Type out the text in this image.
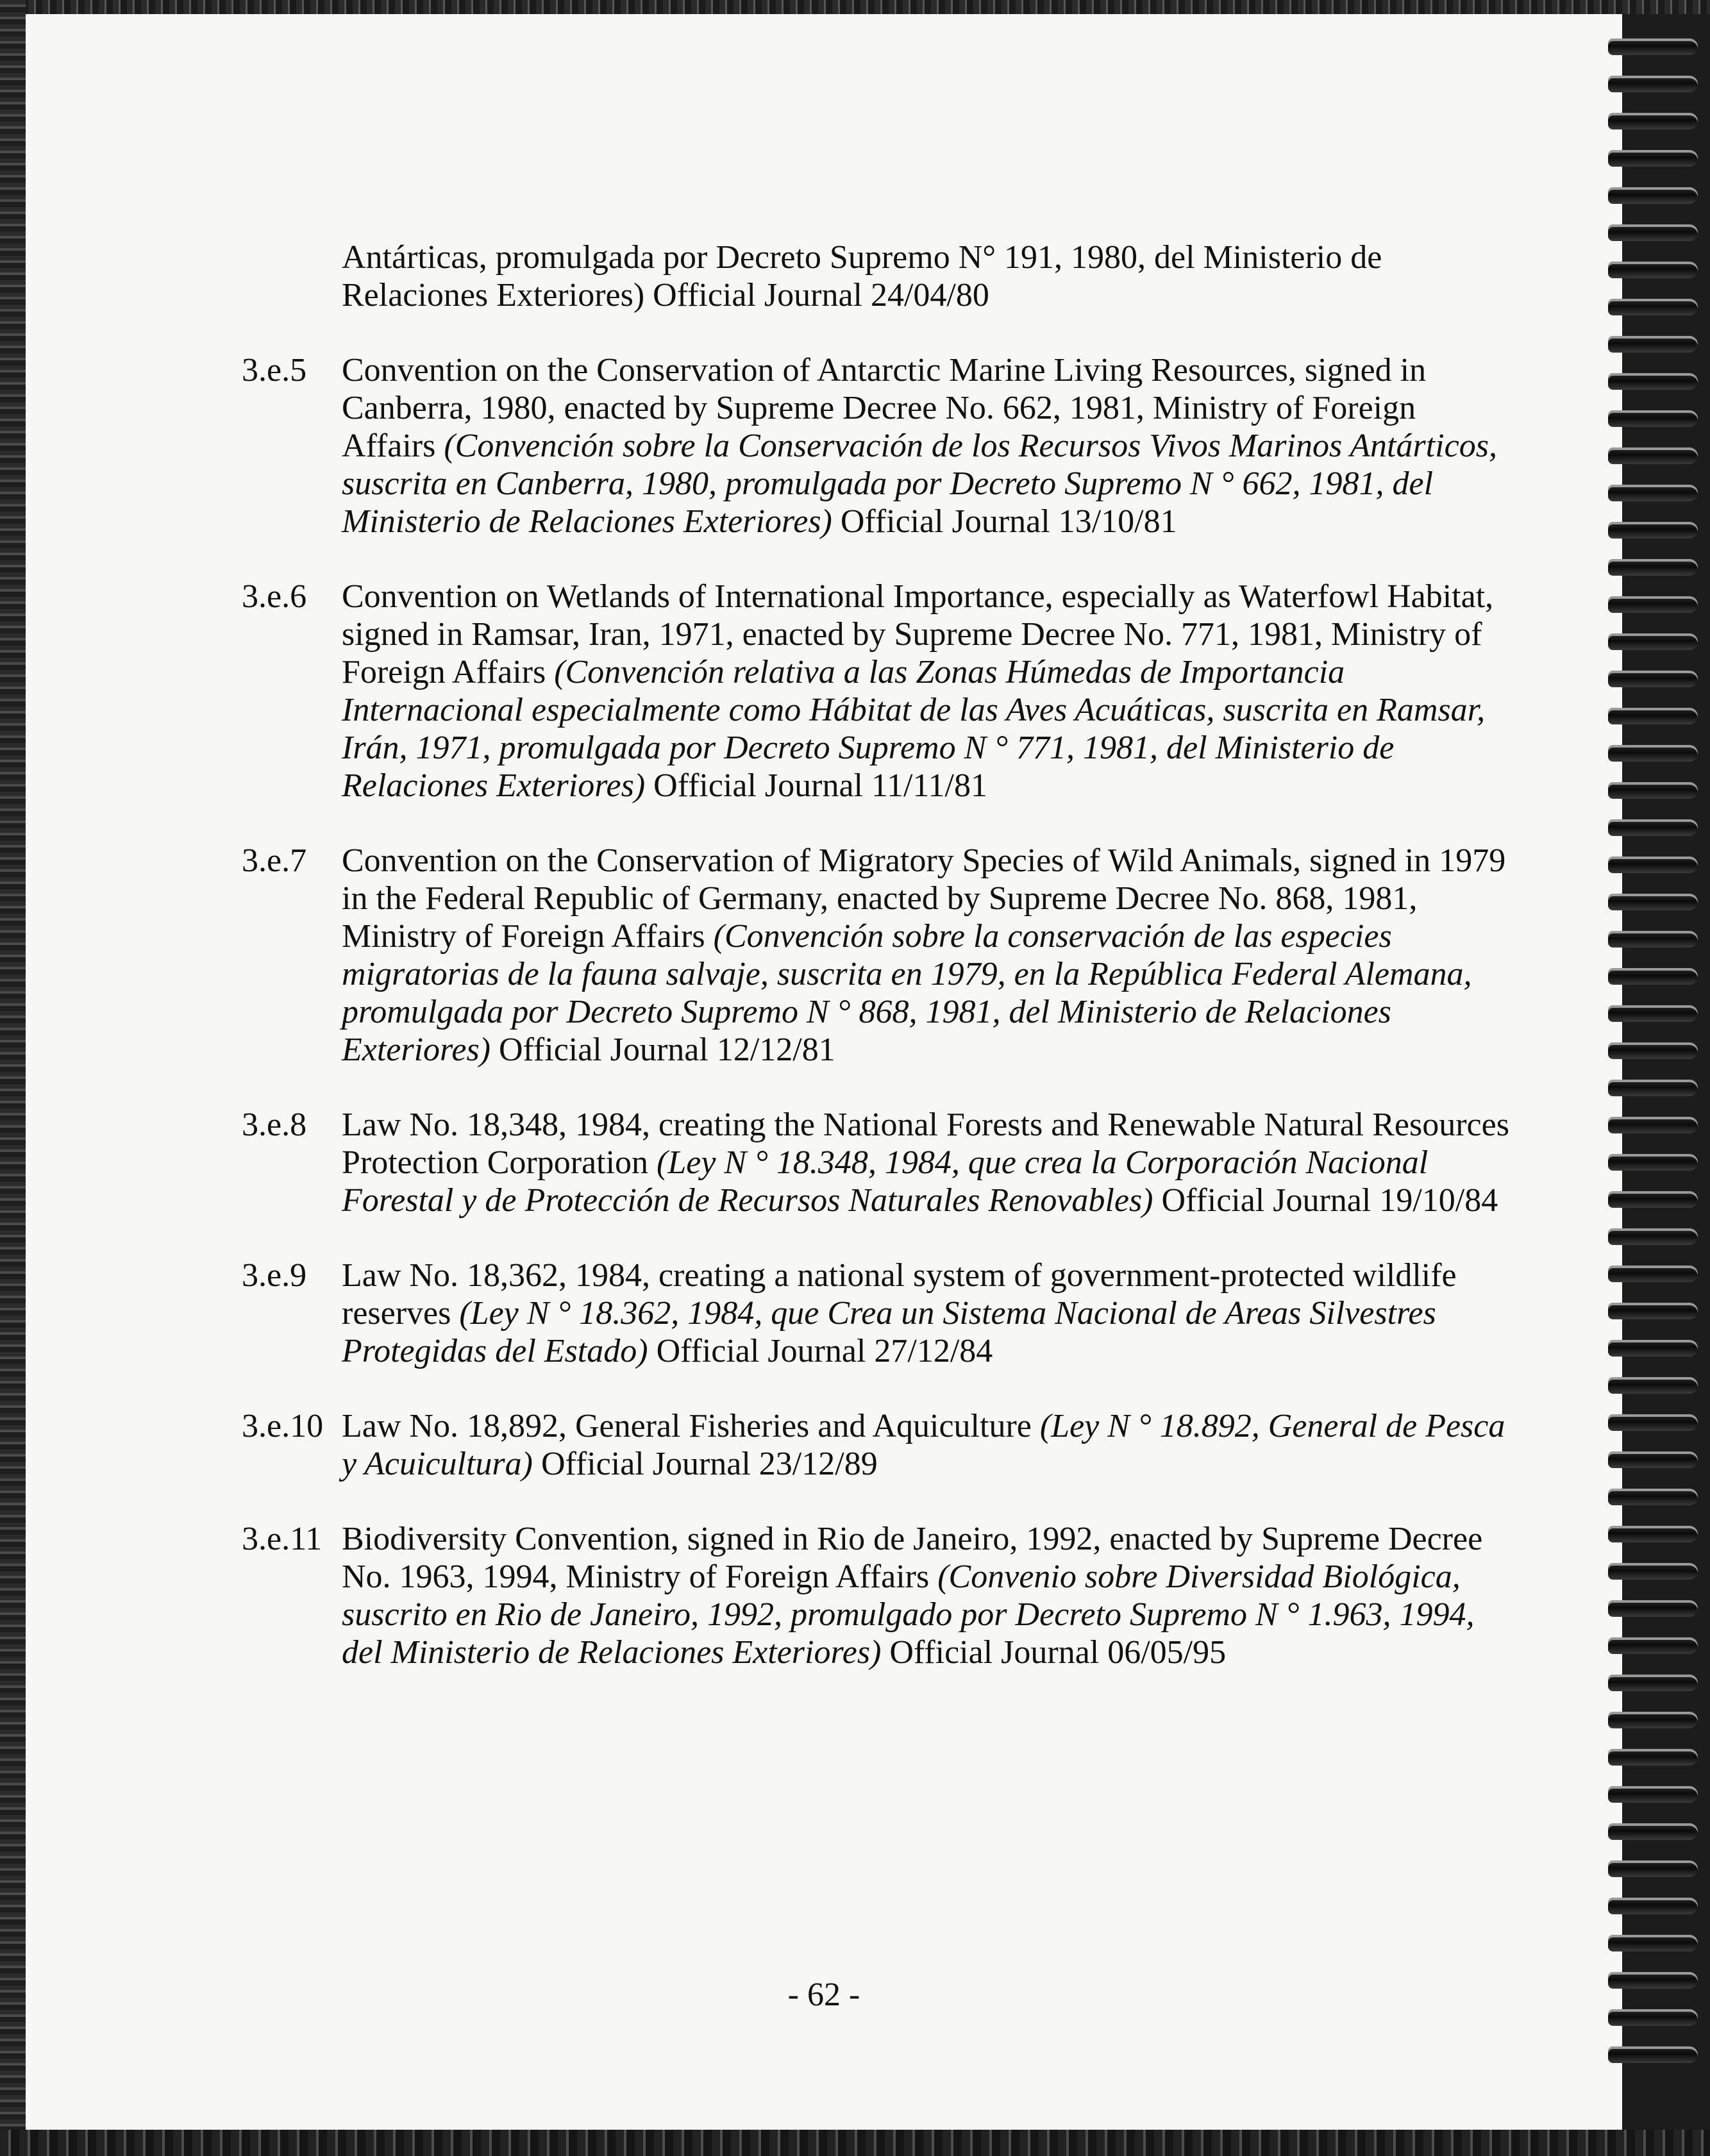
Antárticas, promulgada por Decreto Supremo N° 191, 1980, del Ministerio de
Relaciones Exteriores) Official Journal 24/04/80
3.e.5	Convention on the Conservation of Antarctic Marine Living Resources, signed in Canberra, 1980, enacted by Supreme Decree No. 662, 1981, Ministry of Foreign Affairs (Convención sobre la Conservación de los Recursos Vivos Marinos Antárticos, suscrita en Canberra, 1980, promulgada por Decreto Supremo N ° 662, 1981, del Ministerio de Relaciones Exteriores) Official Journal 13/10/81
3.e.6	Convention on Wetlands of International Importance, especially as Waterfowl Habitat, signed in Ramsar, Iran, 1971, enacted by Supreme Decree No. 771, 1981, Ministry of Foreign Affairs (Convención relativa a las Zonas Húmedas de Importancia Internacional especialmente como Hábitat de las Aves Acuáticas, suscrita en Ramsar, Irán, 1971, promulgada por Decreto Supremo N ° 771, 1981, del Ministerio de Relaciones Exteriores) Official Journal 11/11/81
3.e.7	Convention on the Conservation of Migratory Species of Wild Animals, signed in 1979 in the Federal Republic of Germany, enacted by Supreme Decree No. 868, 1981, Ministry of Foreign Affairs (Convención sobre la conservación de las especies migratorias de la fauna salvaje, suscrita en 1979, en la República Federal Alemana, promulgada por Decreto Supremo N ° 868, 1981, del Ministerio de Relaciones Exteriores) Official Journal 12/12/81
3.e.8	Law No. 18,348, 1984, creating the National Forests and Renewable Natural Resources Protection Corporation (Ley N ° 18.348, 1984, que crea la Corporación Nacional Forestal y de Protección de Recursos Naturales Renovables) Official Journal 19/10/84
3.e.9	Law No. 18,362, 1984, creating a national system of government-protected wildlife reserves (Ley N ° 18.362, 1984, que Crea un Sistema Nacional de Areas Silvestres Protegidas del Estado) Official Journal 27/12/84
3.e.10 Law No. 18,892, General Fisheries and Aquiculture (Ley N ° 18.892, General de Pesca y Acuicultura) Official Journal 23/12/89
3.e.11 Biodiversity Convention, signed in Rio de Janeiro, 1992, enacted by Supreme Decree No. 1963, 1994, Ministry of Foreign Affairs (Convenio sobre Diversidad Biológica, suscrito en Rio de Janeiro, 1992, promulgado por Decreto Supremo N ° 1.963, 1994, del Ministerio de Relaciones Exteriores) Official Journal 06/05/95
- 62 -
